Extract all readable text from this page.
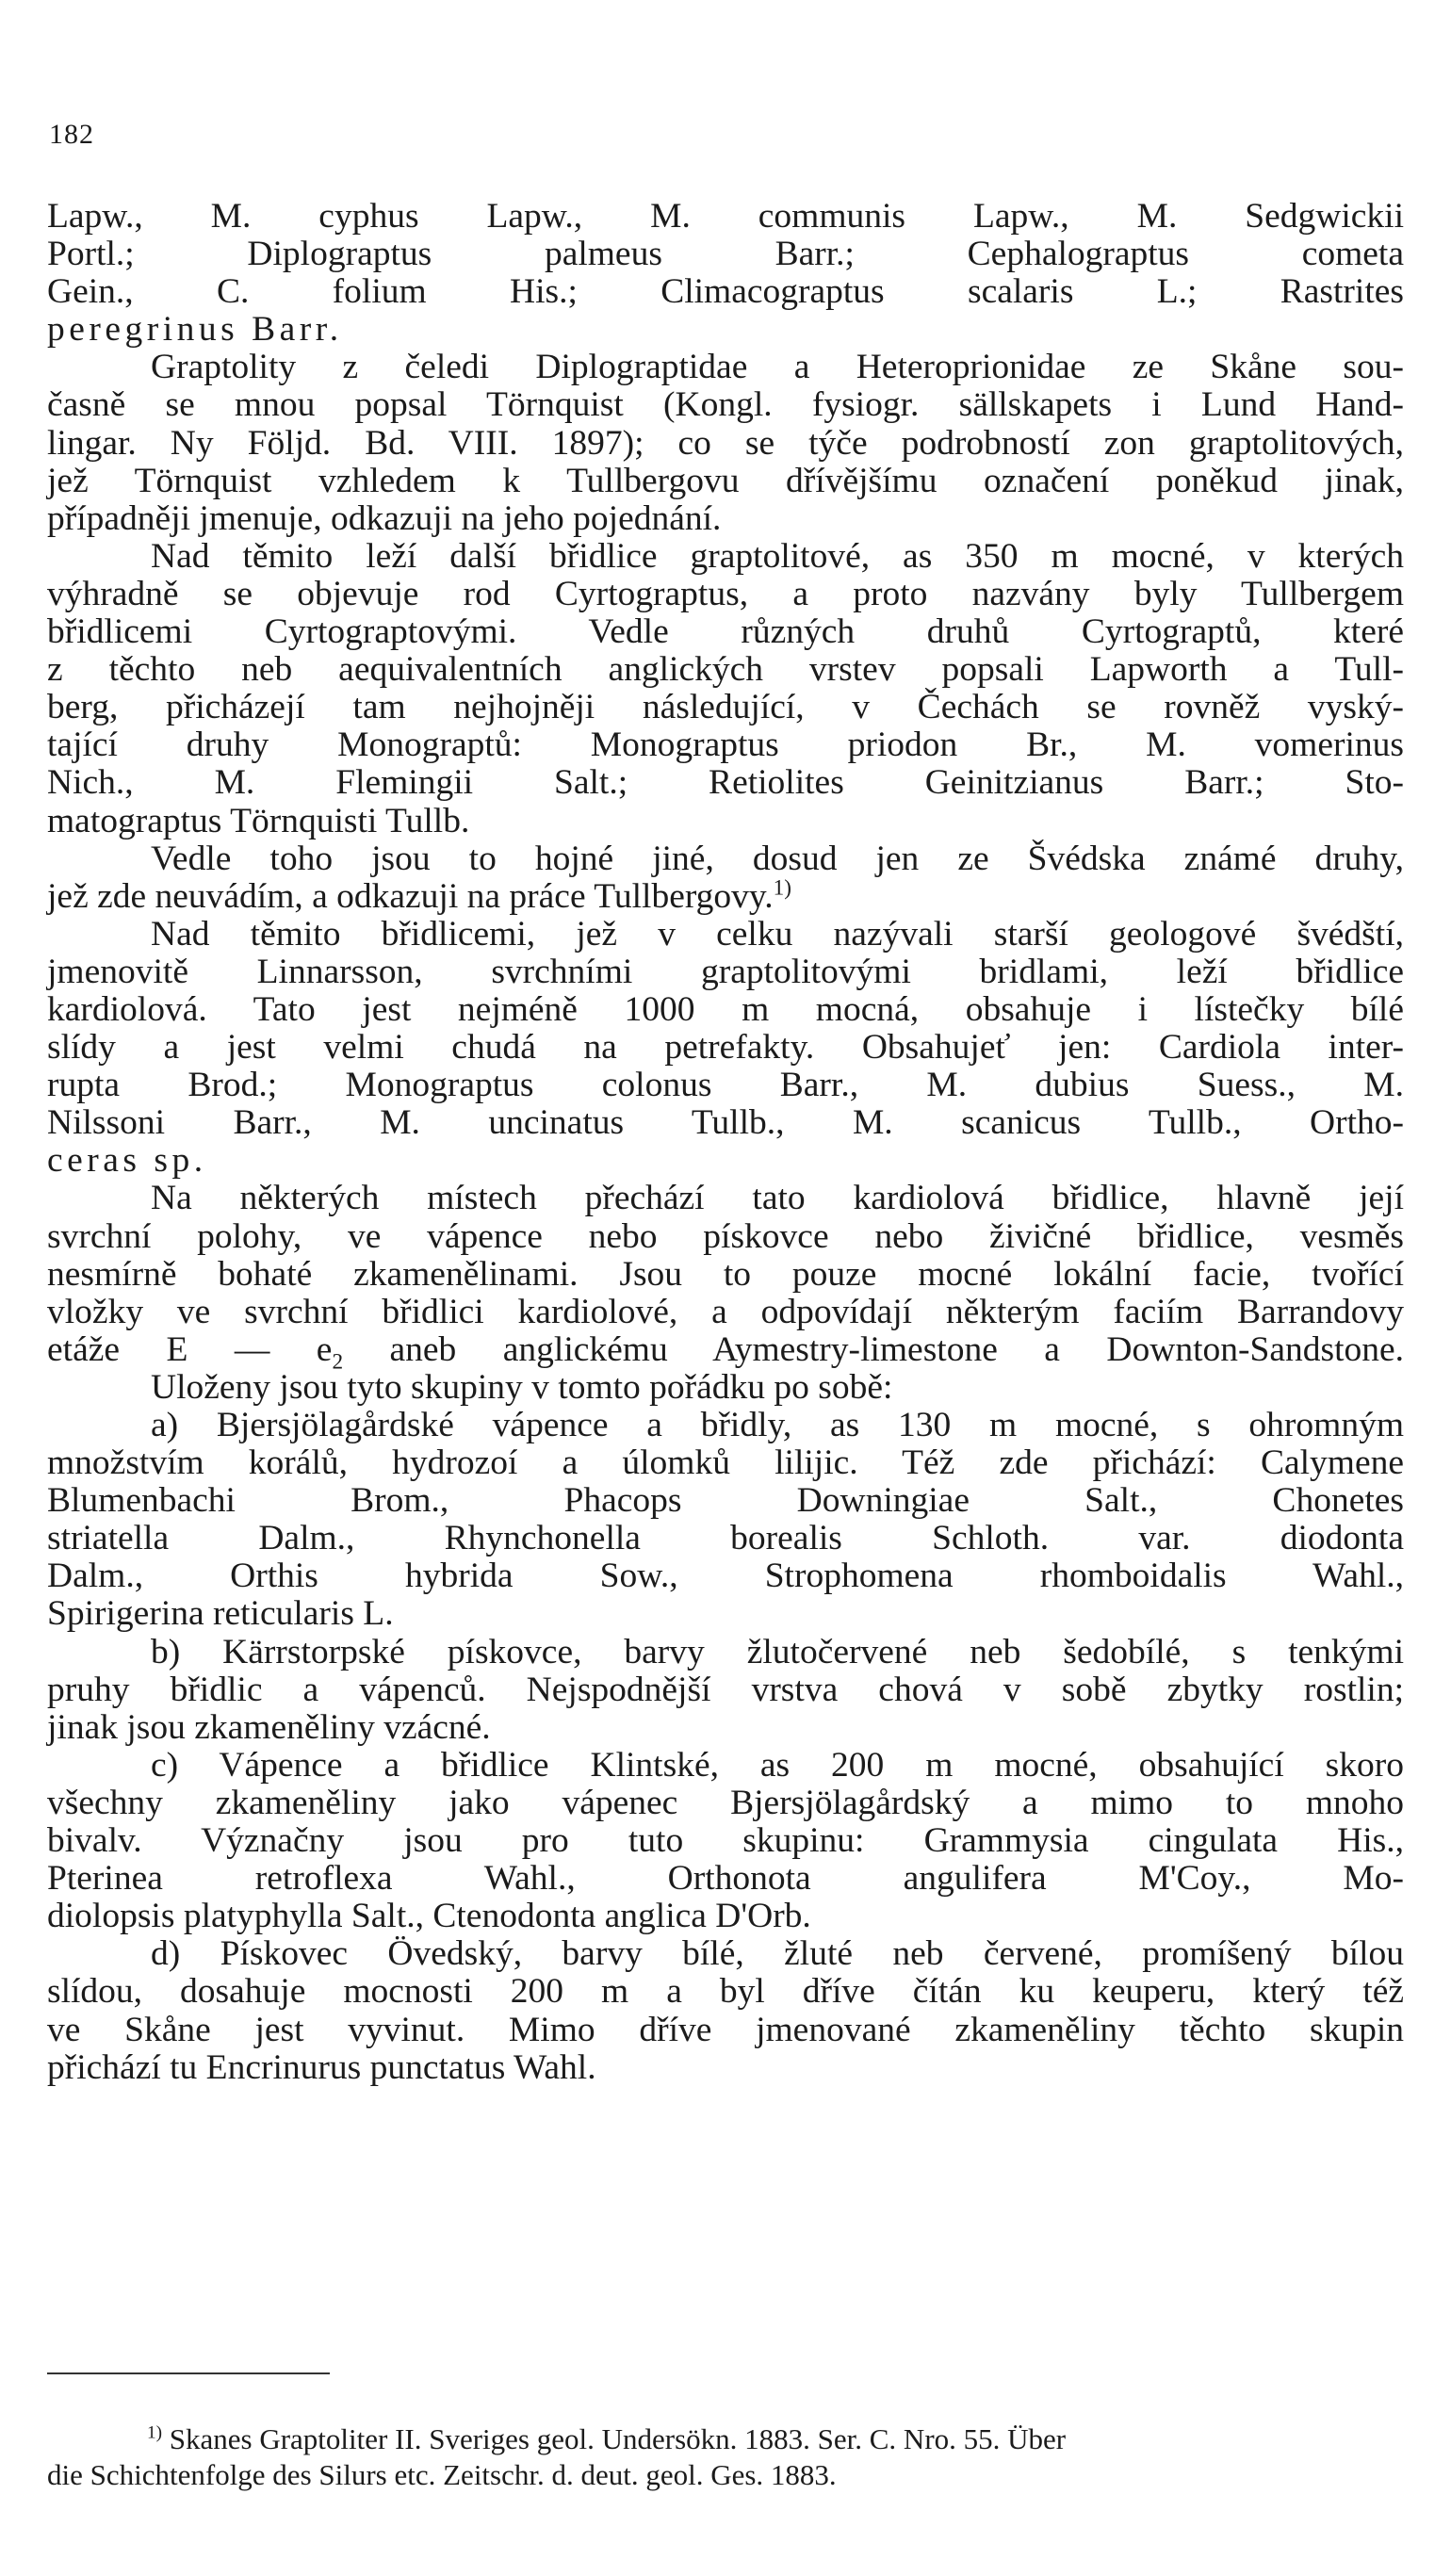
182
Lapw., M. cyphus Lapw., M. communis Lapw., M. Sedgwickii
Portl.; Diplograptus palmeus Barr.; Cephalograptus cometa
Gein., C. folium His.; Climacograptus scalaris L.; Rastrites
peregrinus Barr.
Graptolity z čeledi Diplograptidae a Heteroprionidae ze Skåne sou-
časně se mnou popsal Törnquist (Kongl. fysiogr. sällskapets i Lund Hand-
lingar. Ny Följd. Bd. VIII. 1897); co se týče podrobností zon graptolitových,
jež Törnquist vzhledem k Tullbergovu dřívějšímu označení poněkud jinak,
případněji jmenuje, odkazuji na jeho pojednání.
Nad těmito leží další břidlice graptolitové, as 350 m mocné, v kterých
výhradně se objevuje rod Cyrtograptus, a proto nazvány byly Tullbergem
břidlicemi Cyrtograptovými. Vedle různých druhů Cyrtograptů, které
z těchto neb aequivalentních anglických vrstev popsali Lapworth a Tull-
berg, přicházejí tam nejhojněji následující, v Čechách se rovněž vyský-
tající druhy Monograptů: Monograptus priodon Br., M. vomerinus
Nich., M. Flemingii Salt.; Retiolites Geinitzianus Barr.; Sto-
matograptus Törnquisti Tullb.
Vedle toho jsou to hojné jiné, dosud jen ze Švédska známé druhy,
jež zde neuvádím, a odkazuji na práce Tullbergovy.$^{1)}$
Nad těmito břidlicemi, jež v celku nazývali starší geologové švédští,
jmenovitě Linnarsson, svrchními graptolitovými bridlami, leží břidlice
kardiolová. Tato jest nejméně 1000 m mocná, obsahuje i lístečky bílé
slídy a jest velmi chudá na petrefakty. Obsahujeť jen: Cardiola inter-
rupta Brod.; Monograptus colonus Barr., M. dubius Suess., M.
Nilssoni Barr., M. uncinatus Tullb., M. scanicus Tullb., Ortho-
ceras sp.
Na některých místech přechází tato kardiolová břidlice, hlavně její
svrchní polohy, ve vápence nebo pískovce nebo živičné břidlice, vesměs
nesmírně bohaté zkamenělinami. Jsou to pouze mocné lokální facie, tvořící
vložky ve svrchní břidlici kardiolové, a odpovídají některým faciím Barrandovy
etáže E — $e_2$ aneb anglickému Aymestry-limestone a Downton-Sandstone.
Uloženy jsou tyto skupiny v tomto pořádku po sobě:
a) Bjersjölagårdské vápence a břidly, as 130 m mocné, s ohromným
množstvím korálů, hydrozoí a úlomků lilijic. Též zde přichází: Calymene
Blumenbachi Brom., Phacops Downingiae Salt., Chonetes
striatella Dalm., Rhynchonella borealis Schloth. var. diodonta
Dalm., Orthis hybrida Sow., Strophomena rhomboidalis Wahl.,
Spirigerina reticularis L.
b) Kärrstorpské pískovce, barvy žlutočervené neb šedobílé, s tenkými
pruhy břidlic a vápenců. Nejspodnější vrstva chová v sobě zbytky rostlin;
jinak jsou zkameněliny vzácné.
c) Vápence a břidlice Klintské, as 200 m mocné, obsahující skoro
všechny zkameněliny jako vápenec Bjersjölagårdský a mimo to mnoho
bivalv. Význačny jsou pro tuto skupinu: Grammysia cingulata His.,
Pterinea retroflexa Wahl., Orthonota angulifera M'Coy., Mo-
diolopsis platyphylla Salt., Ctenodonta anglica D'Orb.
d) Pískovec Övedský, barvy bílé, žluté neb červené, promíšený bílou
slídou, dosahuje mocnosti 200 m a byl dříve čítán ku keuperu, který též
ve Skåne jest vyvinut. Mimo dříve jmenované zkameněliny těchto skupin
přichází tu Encrinurus punctatus Wahl.
$^{1)}$ Skanes Graptoliter II. Sveriges geol. Undersökn. 1883. Ser. C. Nro. 55. Über
die Schichtenfolge des Silurs etc. Zeitschr. d. deut. geol. Ges. 1883.
